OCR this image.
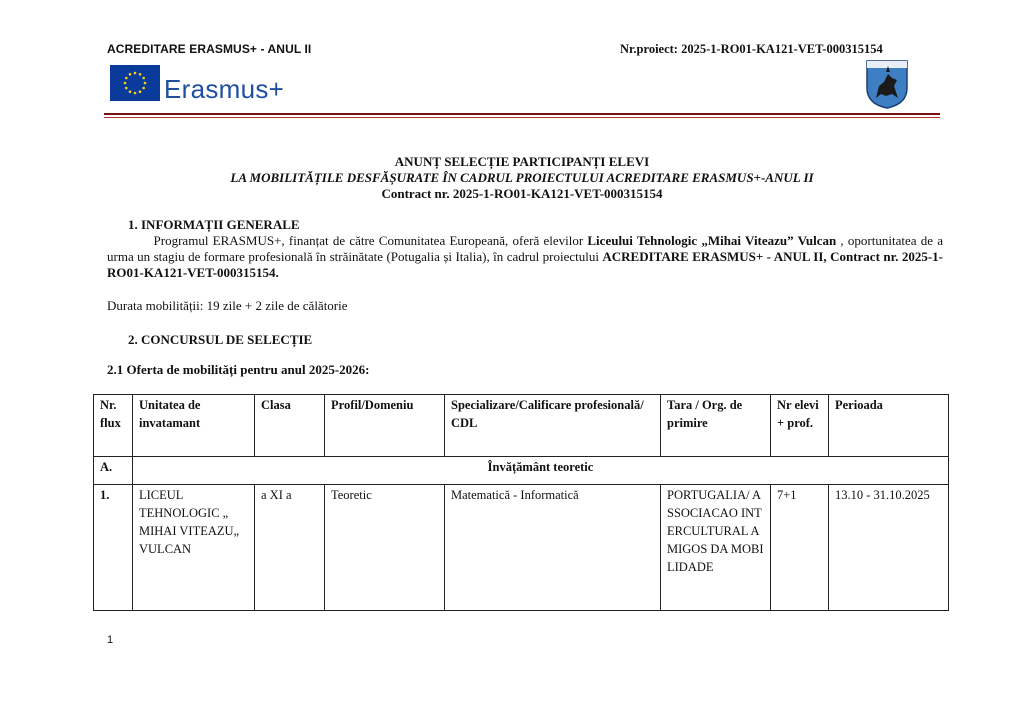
ACREDITARE ERASMUS+ - ANUL II	Nr.proiect: 2025-1-RO01-KA121-VET-000315154
Erasmus+
ANUNȚ SELECȚIE PARTICIPANȚI ELEVI
LA MOBILITĂȚILE DESFĂȘURATE ÎN CADRUL PROIECTULUI ACREDITARE ERASMUS+-ANUL II
Contract nr. 2025-1-RO01-KA121-VET-000315154
1. INFORMAȚII GENERALE
Programul ERASMUS+, finanțat de către Comunitatea Europeană, oferă elevilor Liceului Tehnologic „Mihai Viteazu” Vulcan , oportunitatea de a urma un stagiu de formare profesională în străinătate (Potugalia și Italia), în cadrul proiectului ACREDITARE ERASMUS+ - ANUL II, Contract nr. 2025-1-RO01-KA121-VET-000315154.
Durata mobilității: 19 zile + 2 zile de călătorie
2. CONCURSUL DE SELECȚIE
2.1 Oferta de mobilități pentru anul 2025-2026:
Nr. flux	Unitatea de invatamant	Clasa	Profil/Domeniu	Specializare/Calificare profesională/ CDL	Tara / Org. de primire	Nr elevi + prof.	Perioada
A.	Învățământ teoretic						
1.	LICEUL TEHNOLOGIC „ MIHAI VITEAZU„ VULCAN	a XI a	Teoretic	Matematică - Informatică	PORTUGALIA/ ASSOCIACAO INTERCULTURAL AMIGOS DA MOBILIDADE	7+1	13.10 - 31.10.2025
1
